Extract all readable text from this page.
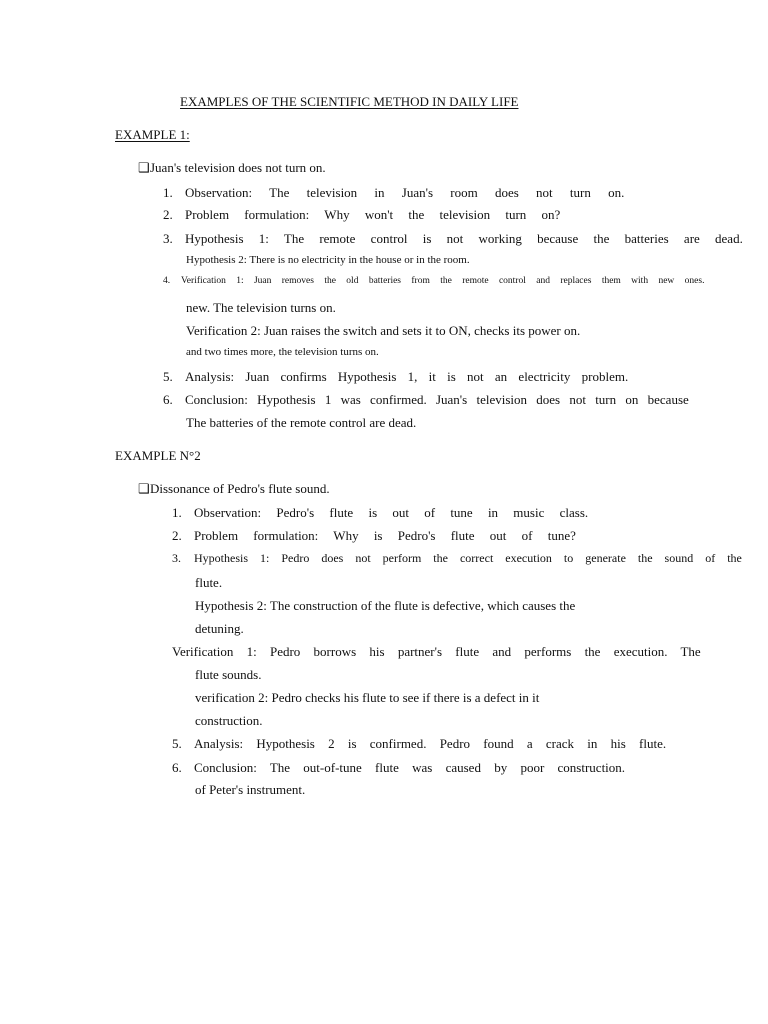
EXAMPLES OF THE SCIENTIFIC METHOD IN DAILY LIFE
EXAMPLE 1:
❑Juan's television does not turn on.
1. Observation: The television in Juan's room does not turn on.
2. Problem formulation: Why won't the television turn on?
3. Hypothesis 1: The remote control is not working because the batteries are dead.
Hypothesis 2: There is no electricity in the house or in the room.
4. Verification 1: Juan removes the old batteries from the remote control and replaces them with new ones.
new. The television turns on.
Verification 2: Juan raises the switch and sets it to ON, checks its power on.
and two times more, the television turns on.
5. Analysis: Juan confirms Hypothesis 1, it is not an electricity problem.
6. Conclusion: Hypothesis 1 was confirmed. Juan's television does not turn on because
The batteries of the remote control are dead.
EXAMPLE N°2
❑Dissonance of Pedro's flute sound.
1. Observation: Pedro's flute is out of tune in music class.
2. Problem formulation: Why is Pedro's flute out of tune?
3. Hypothesis 1: Pedro does not perform the correct execution to generate the sound of the
flute.
Hypothesis 2: The construction of the flute is defective, which causes the
detuning.
Verification 1: Pedro borrows his partner's flute and performs the execution. The
flute sounds.
verification 2: Pedro checks his flute to see if there is a defect in it
construction.
5. Analysis: Hypothesis 2 is confirmed. Pedro found a crack in his flute.
6. Conclusion: The out-of-tune flute was caused by poor construction.
of Peter's instrument.
